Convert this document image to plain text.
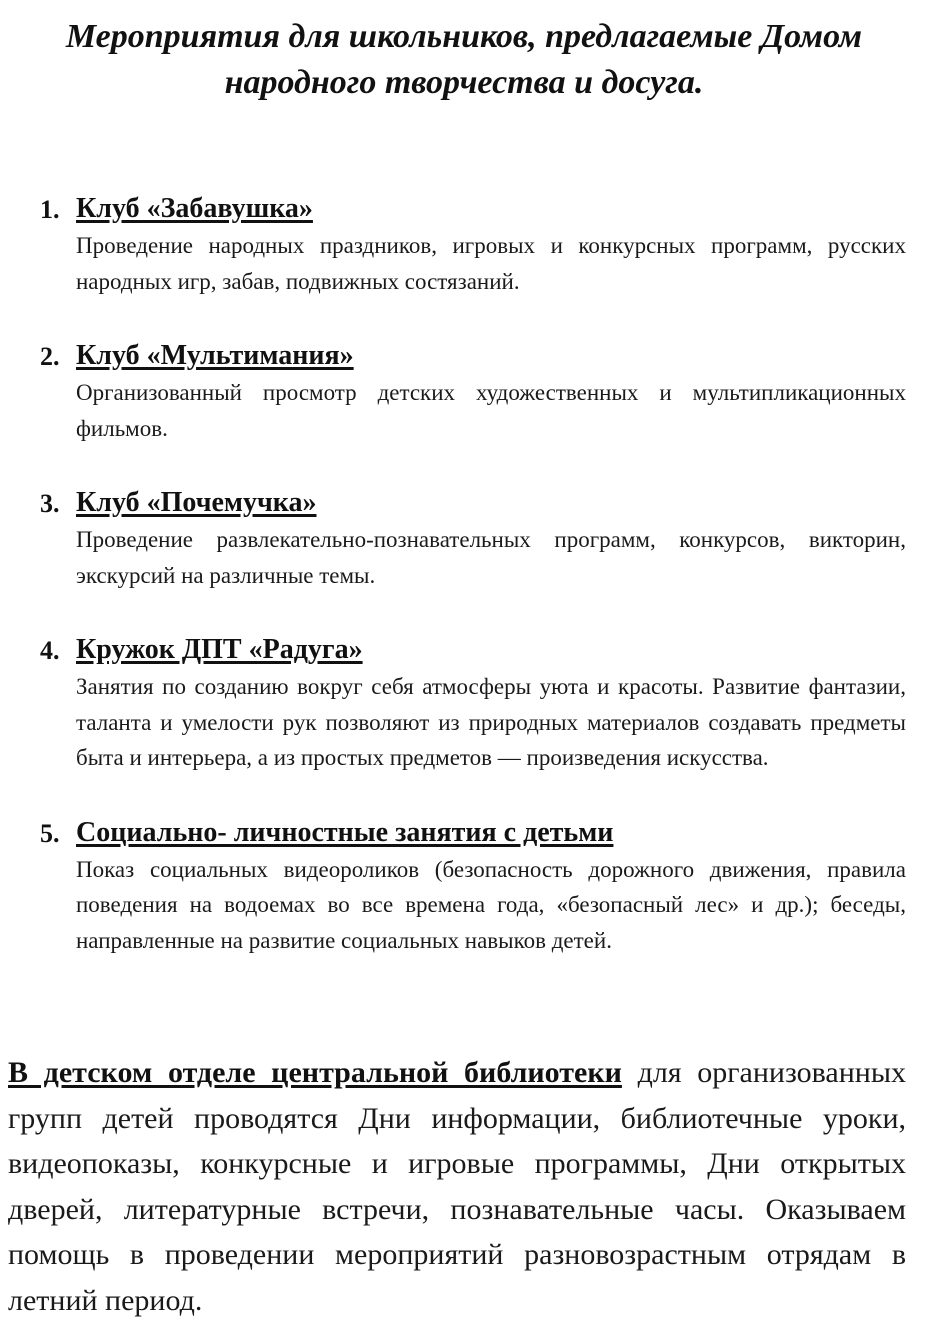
Мероприятия для школьников, предлагаемые Домом народного творчества и досуга.
1. Клуб «Забавушка»

Проведение народных праздников, игровых и конкурсных программ, русских народных игр, забав, подвижных состязаний.

2. Клуб «Мультимания»

Организованный просмотр детских художественных и мультипликационных фильмов.

3. Клуб «Почемучка»

Проведение развлекательно-познавательных программ, конкурсов, викторин, экскурсий на различные темы.

4. Кружок ДПТ «Радуга»

Занятия по созданию вокруг себя атмосферы уюта и красоты. Развитие фантазии, таланта и умелости рук позволяют из природных материалов создавать предметы быта и интерьера, а из простых предметов — произведения искусства.

5. Социально- личностные занятия с детьми

Показ социальных видеороликов (безопасность дорожного движения, правила поведения на водоемах во все времена года, «безопасный лес» и др.); беседы, направленные на развитие социальных навыков детей.

В детском отделе центральной библиотеки для организованных групп детей проводятся Дни информации, библиотечные уроки, видеопоказы, конкурсные и игровые программы, Дни открытых дверей, литературные встречи, познавательные часы. Оказываем помощь в проведении мероприятий разновозрастным отрядам в летний период.
